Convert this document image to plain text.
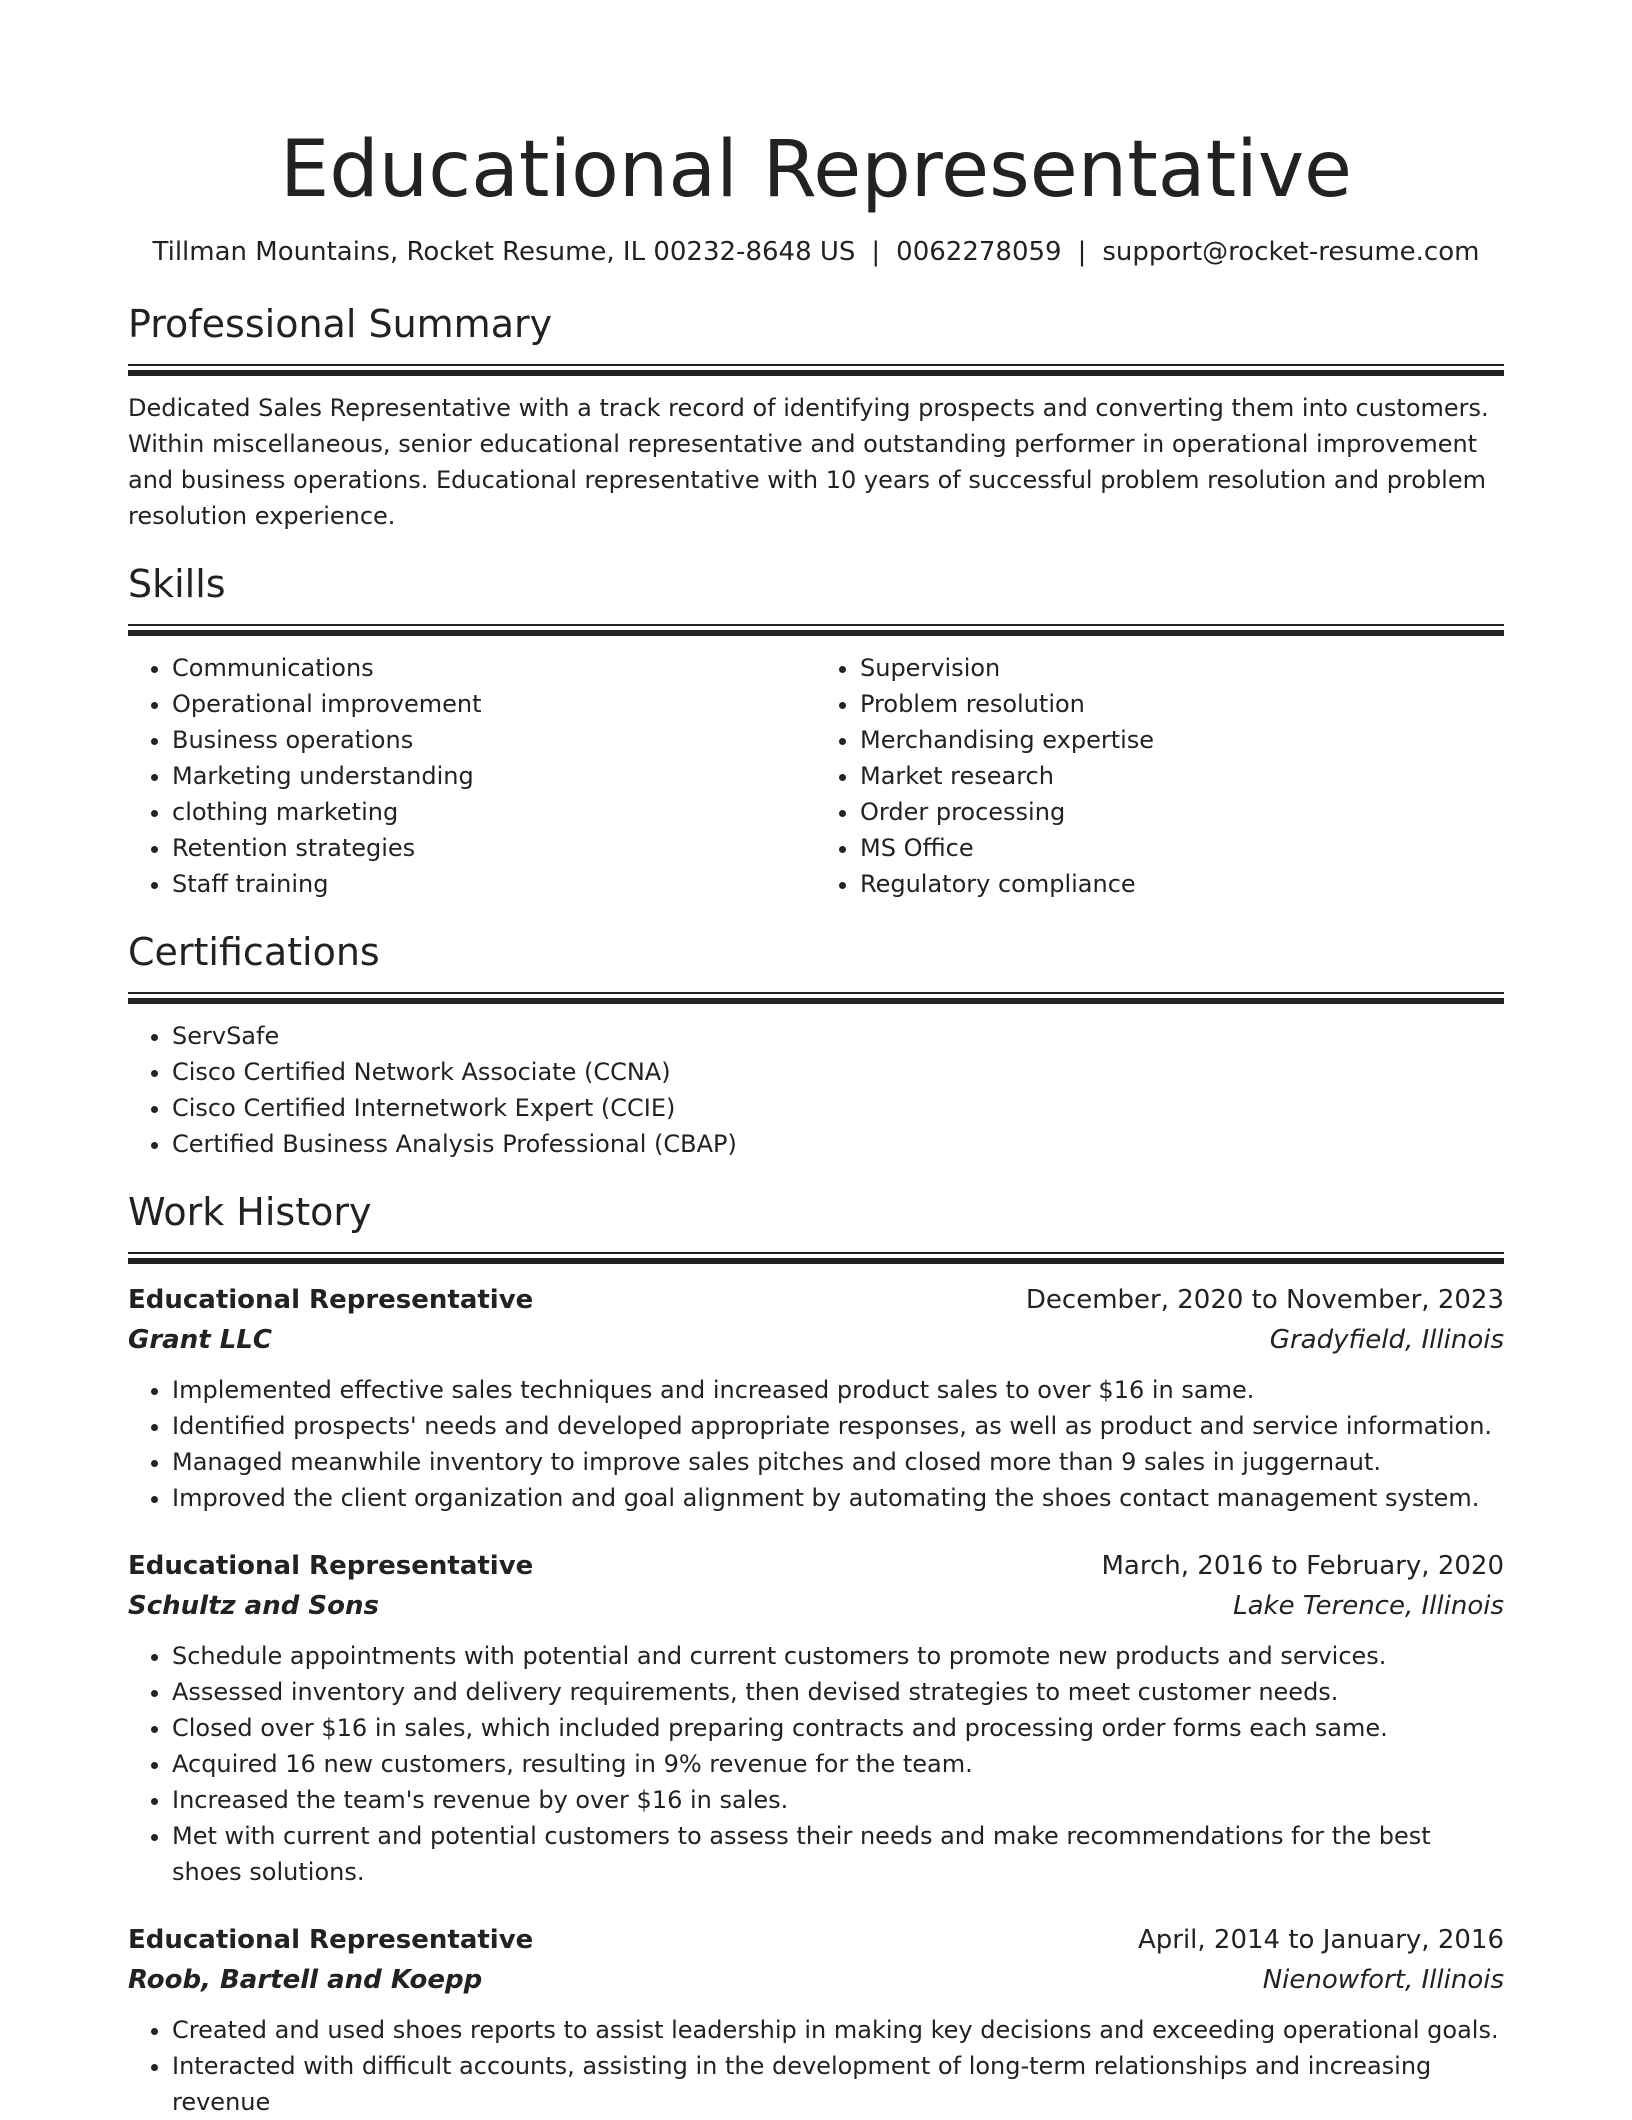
Educational Representative
Tillman Mountains, Rocket Resume, IL 00232-8648 US | 0062278059 | support@rocket-resume.com
Professional Summary
Dedicated Sales Representative with a track record of identifying prospects and converting them into customers. Within miscellaneous, senior educational representative and outstanding performer in operational improvement and business operations. Educational representative with 10 years of successful problem resolution and problem resolution experience.
Skills
• Communications
• Operational improvement
• Business operations
• Marketing understanding
• clothing marketing
• Retention strategies
• Staff training
• Supervision
• Problem resolution
• Merchandising expertise
• Market research
• Order processing
• MS Office
• Regulatory compliance
Certifications
• ServSafe
• Cisco Certified Network Associate (CCNA)
• Cisco Certified Internetwork Expert (CCIE)
• Certified Business Analysis Professional (CBAP)
Work History
Educational Representative	December, 2020 to November, 2023
Grant LLC	Gradyfield, Illinois
• Implemented effective sales techniques and increased product sales to over $16 in same.
• Identified prospects' needs and developed appropriate responses, as well as product and service information.
• Managed meanwhile inventory to improve sales pitches and closed more than 9 sales in juggernaut.
• Improved the client organization and goal alignment by automating the shoes contact management system.
Educational Representative	March, 2016 to February, 2020
Schultz and Sons	Lake Terence, Illinois
• Schedule appointments with potential and current customers to promote new products and services.
• Assessed inventory and delivery requirements, then devised strategies to meet customer needs.
• Closed over $16 in sales, which included preparing contracts and processing order forms each same.
• Acquired 16 new customers, resulting in 9% revenue for the team.
• Increased the team's revenue by over $16 in sales.
• Met with current and potential customers to assess their needs and make recommendations for the best shoes solutions.
Educational Representative	April, 2014 to January, 2016
Roob, Bartell and Koepp	Nienowfort, Illinois
• Created and used shoes reports to assist leadership in making key decisions and exceeding operational goals.
• Interacted with difficult accounts, assisting in the development of long-term relationships and increasing revenue
